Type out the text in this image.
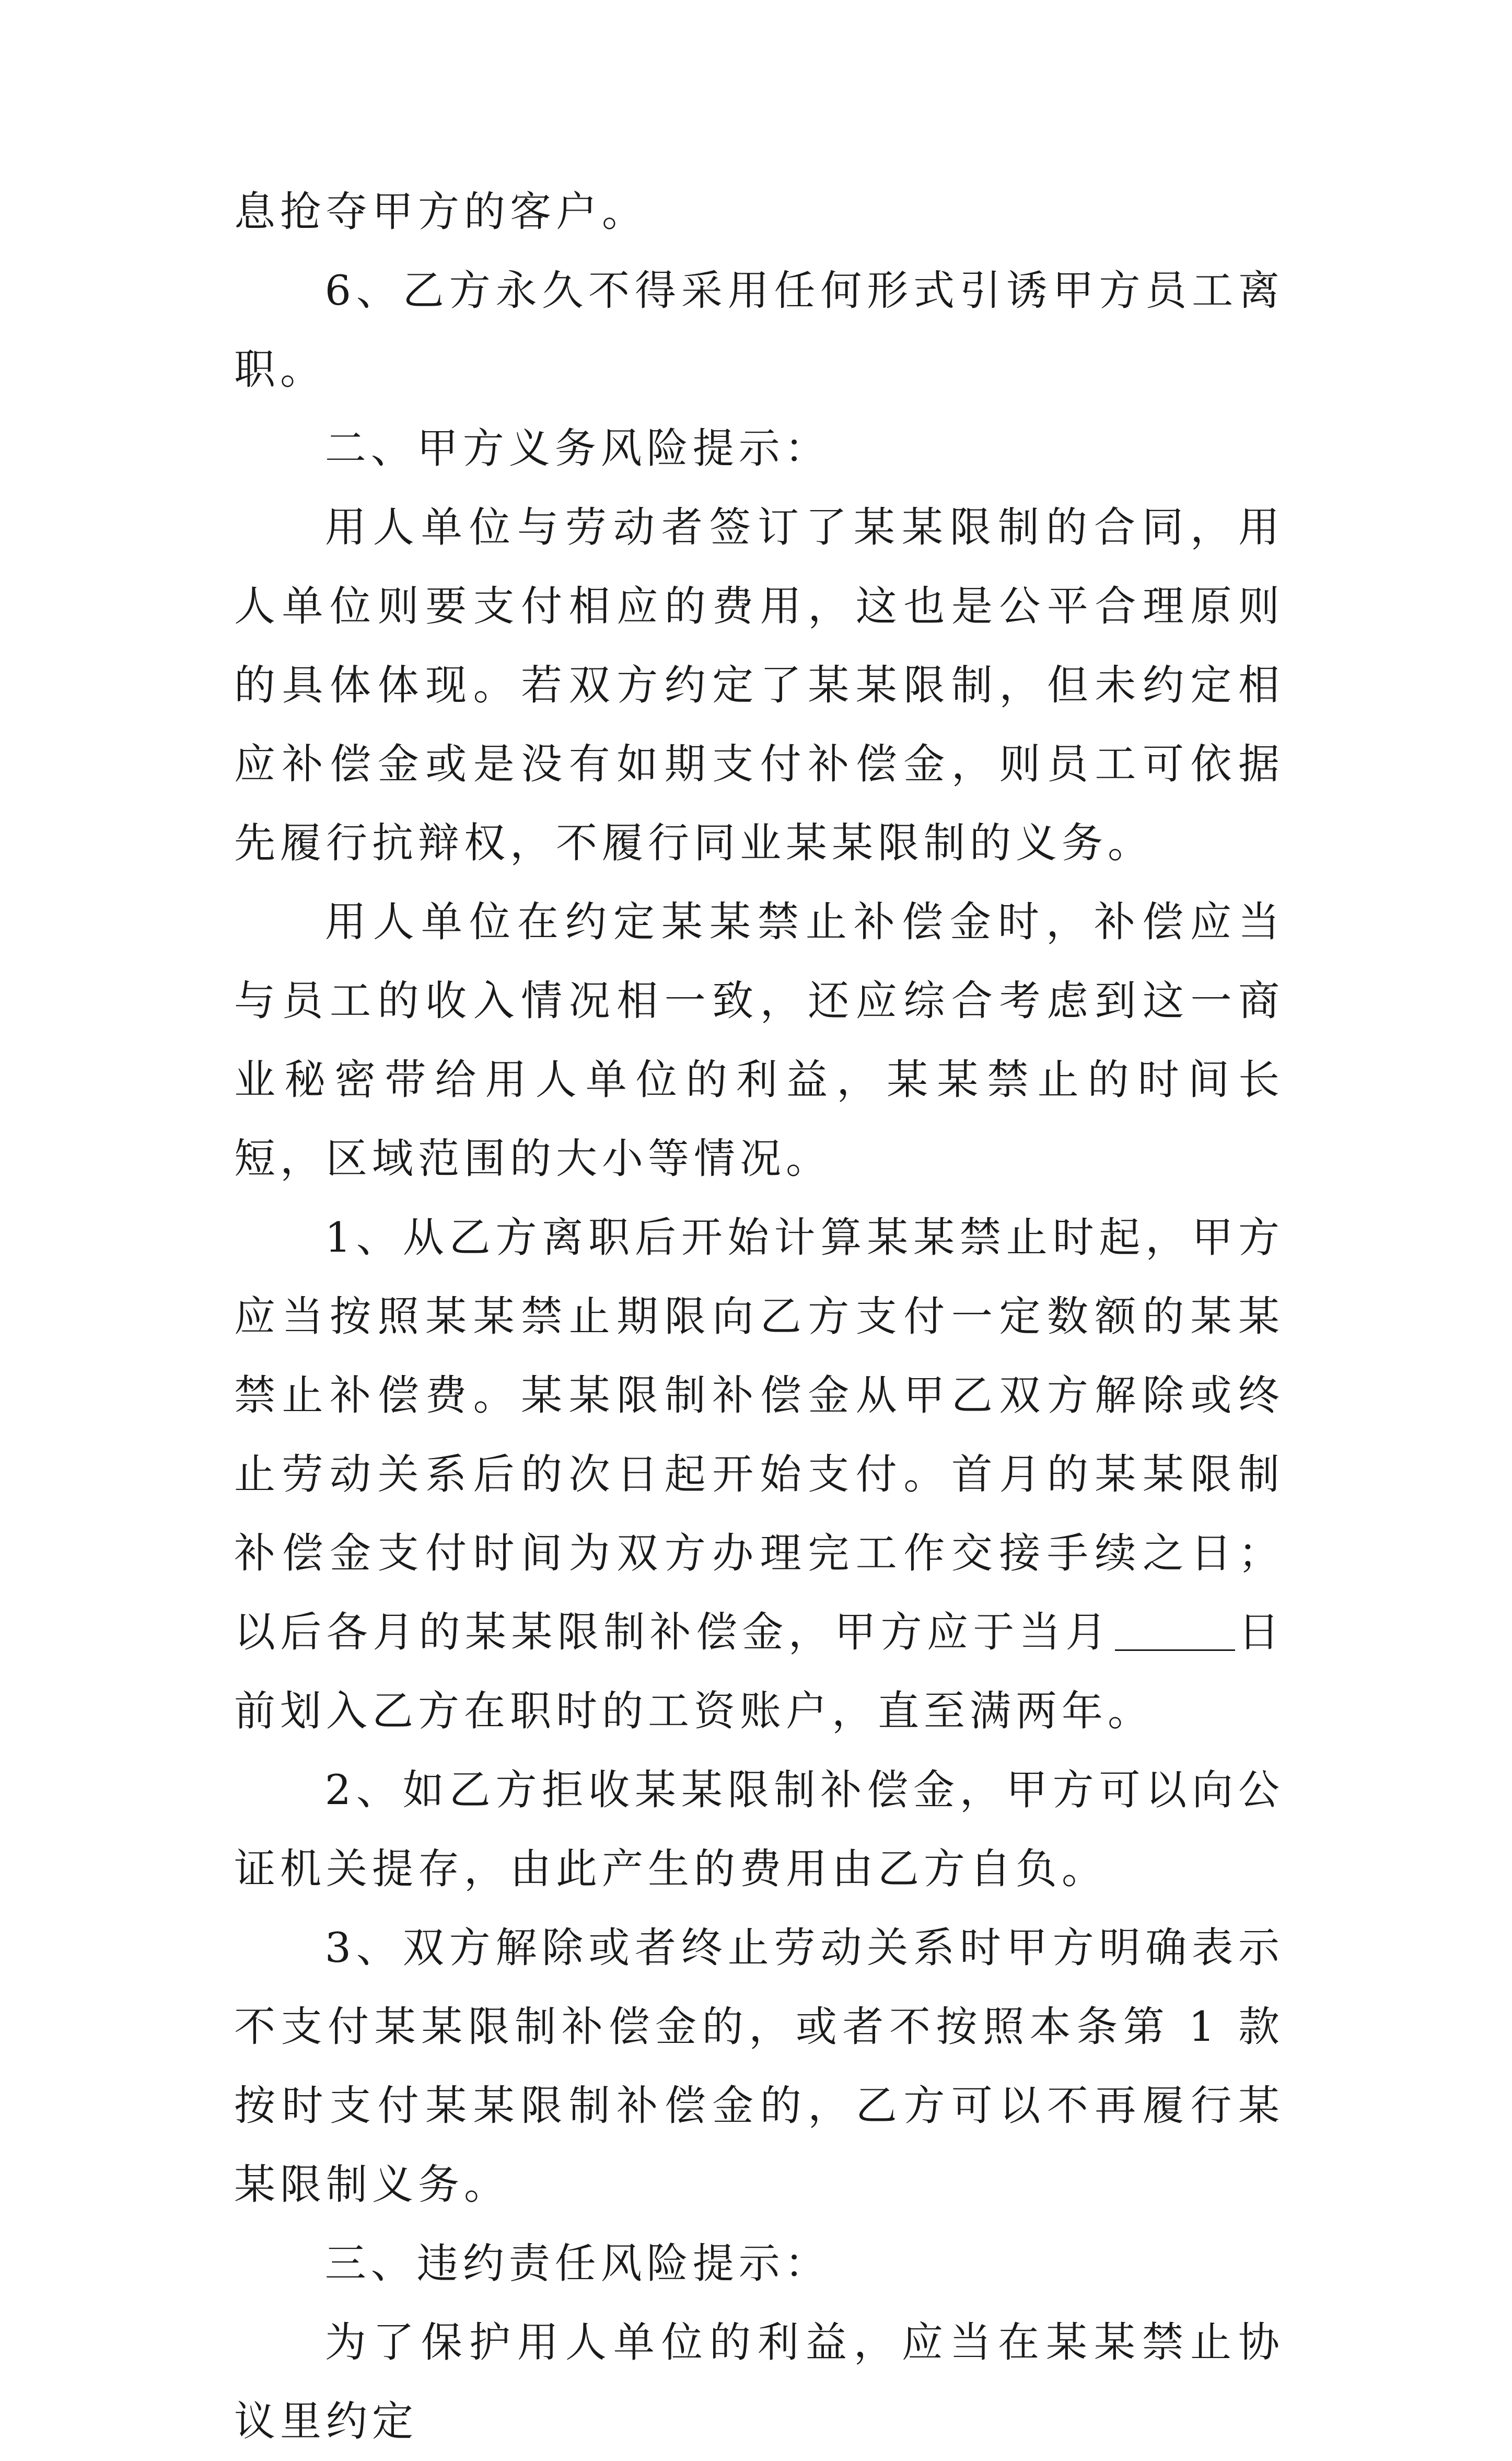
息抢夺甲方的客户。

6、乙方永久不得采用任何形式引诱甲方员工离职。

二、甲方义务风险提示：

用人单位与劳动者签订了某某限制的合同，用人单位则要支付相应的费用，这也是公平合理原则的具体体现。若双方约定了某某限制，但未约定相应补偿金或是没有如期支付补偿金，则员工可依据先履行抗辩权，不履行同业某某限制的义务。

用人单位在约定某某禁止补偿金时，补偿应当与员工的收入情况相一致，还应综合考虑到这一商业秘密带给用人单位的利益，某某禁止的时间长短，区域范围的大小等情况。

1、从乙方离职后开始计算某某禁止时起，甲方应当按照某某禁止期限向乙方支付一定数额的某某禁止补偿费。某某限制补偿金从甲乙双方解除或终止劳动关系后的次日起开始支付。首月的某某限制补偿金支付时间为双方办理完工作交接手续之日；以后各月的某某限制补偿金，甲方应于当月	日前划入乙方在职时的工资账户，直至满两年。

2、如乙方拒收某某限制补偿金，甲方可以向公证机关提存，由此产生的费用由乙方自负。

3、双方解除或者终止劳动关系时甲方明确表示不支付某某限制补偿金的，或者不按照本条第 1 款按时支付某某限制补偿金的，乙方可以不再履行某某限制义务。

三、违约责任风险提示：

为了保护用人单位的利益，应当在某某禁止协议里约定
